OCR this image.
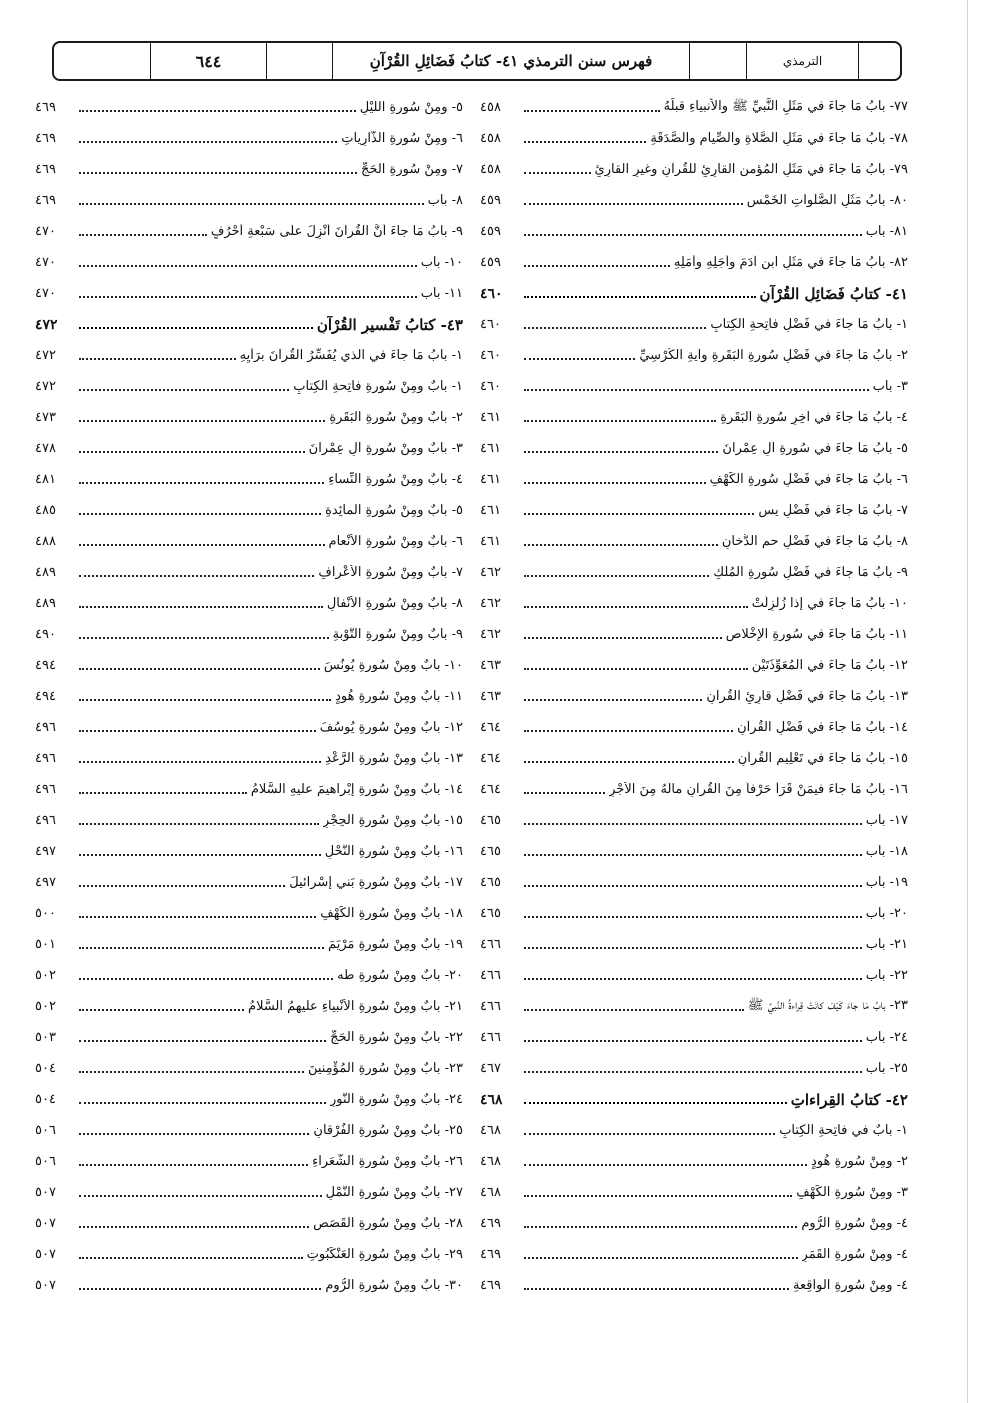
الترمذي
فهرس سنن الترمذي ٤١- كتابُ فَضَائِلِ القُرْآنِ
٦٤٤
٧٧- بابُ مَا جاءَ في مَثَلِ النَّبيِّ ﷺ والأنبياءِ قبلَهُ
٤٥٨
٧٨- بابُ مَا جاءَ في مَثَلِ الصَّلاةِ والصِّيامِ والصَّدَقَةِ
٤٥٨
٧٩- بابُ مَا جاءَ في مَثَلِ المُؤمنِ القارِئِ للقُرآنِ وغيرِ القارِئِ
٤٥٨
٨٠- بابُ مَثَلِ الصَّلَواتِ الخَمْسِ
٤٥٩
٨١- باب
٤٥٩
٨٢- بابُ مَا جاءَ في مَثَلِ ابنِ آدَمَ وأجَلِهِ وأمَلِهِ
٤٥٩
٤١- كتابُ فَضَائِلِ القُرْآنِ
٤٦٠
١- بابُ مَا جاءَ في فَضْلِ فاتِحةِ الكِتابِ
٤٦٠
٢- بابُ مَا جاءَ في فَضْلِ سُورةِ البَقَرةِ وآيةِ الكُرْسِيِّ
٤٦٠
٣- باب
٤٦٠
٤- بابُ مَا جاءَ في آخِرِ سُورةِ البَقَرةِ
٤٦١
٥- بابُ مَا جاءَ في سُورةِ آلِ عِمْرانَ
٤٦١
٦- بابُ مَا جاءَ في فَضْلِ سُورةِ الكَهْفِ
٤٦١
٧- بابُ مَا جاءَ في فَضْلِ يس
٤٦١
٨- بابُ مَا جاءَ في فَضْلِ حم الدُّخانِ
٤٦١
٩- بابُ مَا جاءَ في فَضْلِ سُورةِ المُلْكِ
٤٦٢
١٠- بابُ مَا جاءَ في إذا زُلْزِلَتْ
٤٦٢
١١- بابُ مَا جاءَ في سُورةِ الإخْلاصِ
٤٦٢
١٢- بابُ مَا جاءَ في المُعَوِّذَتَيْنِ
٤٦٣
١٣- بابُ مَا جاءَ في فَضْلِ قارِئِ القُرآنِ
٤٦٣
١٤- بابُ مَا جاءَ في فَضْلِ القُرآنِ
٤٦٤
١٥- بابُ مَا جاءَ في تَعْلِيمِ القُرآنِ
٤٦٤
١٦- بابُ مَا جاءَ فيمَنْ قَرَأَ حَرْفاً مِنَ القُرآنِ مالَهُ مِنَ الأجْرِ
٤٦٤
١٧- باب
٤٦٥
١٨- باب
٤٦٥
١٩- باب
٤٦٥
٢٠- باب
٤٦٥
٢١- باب
٤٦٦
٢٢- باب
٤٦٦
٢٣- بابُ مَا جاءَ كَيْفَ كانَتْ قِراءةُ النَّبيِّ ﷺ
٤٦٦
٢٤- باب
٤٦٦
٢٥- باب
٤٦٧
٤٢- كتابُ القِراءاتِ
٤٦٨
١- بابٌ في فاتِحةِ الكِتابِ
٤٦٨
٢- ومِنْ سُورةِ هُودٍ
٤٦٨
٣- ومِنْ سُورةِ الكَهْفِ
٤٦٨
٤- ومِنْ سُورةِ الرُّومِ
٤٦٩
٤- ومِنْ سُورةِ القَمَرِ
٤٦٩
٤- ومِنْ سُورةِ الواقِعةِ
٤٦٩
٥- ومِنْ سُورةِ اللَّيْلِ
٤٦٩
٦- ومِنْ سُورةِ الذَّارِياتِ
٤٦٩
٧- ومِنْ سُورةِ الحَجِّ
٤٦٩
٨- باب
٤٦٩
٩- بابُ مَا جاءَ أنَّ القُرآنَ أُنْزِلَ على سَبْعةِ أحْرُفٍ
٤٧٠
١٠- باب
٤٧٠
١١- باب
٤٧٠
٤٣- كتابُ تَفْسيرِ القُرْآنِ
٤٧٢
١- بابُ مَا جاءَ في الذي يُفَسِّرُ القُرآنَ برَأْيِهِ
٤٧٢
١- بابٌ ومِنْ سُورةِ فاتِحةِ الكِتابِ
٤٧٢
٢- بابٌ ومِنْ سُورةِ البَقَرةِ
٤٧٣
٣- بابٌ ومِنْ سُورةِ آلِ عِمْرانَ
٤٧٨
٤- بابٌ ومِنْ سُورةِ النِّساءِ
٤٨١
٥- بابٌ ومِنْ سُورةِ المائِدةِ
٤٨٥
٦- بابٌ ومِنْ سُورةِ الأنْعامِ
٤٨٨
٧- بابٌ ومِنْ سُورةِ الأعْرافِ
٤٨٩
٨- بابٌ ومِنْ سُورةِ الأنْفالِ
٤٨٩
٩- بابٌ ومِنْ سُورةِ التَّوْبةِ
٤٩٠
١٠- بابٌ ومِنْ سُورةِ يُونُسَ
٤٩٤
١١- بابٌ ومِنْ سُورةِ هُودٍ
٤٩٤
١٢- بابٌ ومِنْ سُورةِ يُوسُفَ
٤٩٦
١٣- بابٌ ومِنْ سُورةِ الرَّعْدِ
٤٩٦
١٤- بابٌ ومِنْ سُورةِ إبْراهيمَ عليهِ السَّلامُ
٤٩٦
١٥- بابٌ ومِنْ سُورةِ الحِجْرِ
٤٩٦
١٦- بابٌ ومِنْ سُورةِ النَّحْلِ
٤٩٧
١٧- بابٌ ومِنْ سُورةِ بَني إسْرائيلَ
٤٩٧
١٨- بابٌ ومِنْ سُورةِ الكَهْفِ
٥٠٠
١٩- بابٌ ومِنْ سُورةِ مَرْيَمَ
٥٠١
٢٠- بابٌ ومِنْ سُورةِ طه
٥٠٢
٢١- بابٌ ومِنْ سُورةِ الأنْبياءِ عليهمُ السَّلامُ
٥٠٢
٢٢- بابٌ ومِنْ سُورةِ الحَجِّ
٥٠٣
٢٣- بابٌ ومِنْ سُورةِ المُؤْمِنينَ
٥٠٤
٢٤- بابٌ ومِنْ سُورةِ النُّورِ
٥٠٤
٢٥- بابٌ ومِنْ سُورةِ الفُرْقانِ
٥٠٦
٢٦- بابٌ ومِنْ سُورةِ الشُّعَراءِ
٥٠٦
٢٧- بابٌ ومِنْ سُورةِ النَّمْلِ
٥٠٧
٢٨- بابٌ ومِنْ سُورةِ القَصَصِ
٥٠٧
٢٩- بابٌ ومِنْ سُورةِ العَنْكَبُوتِ
٥٠٧
٣٠- بابٌ ومِنْ سُورةِ الرُّومِ
٥٠٧
